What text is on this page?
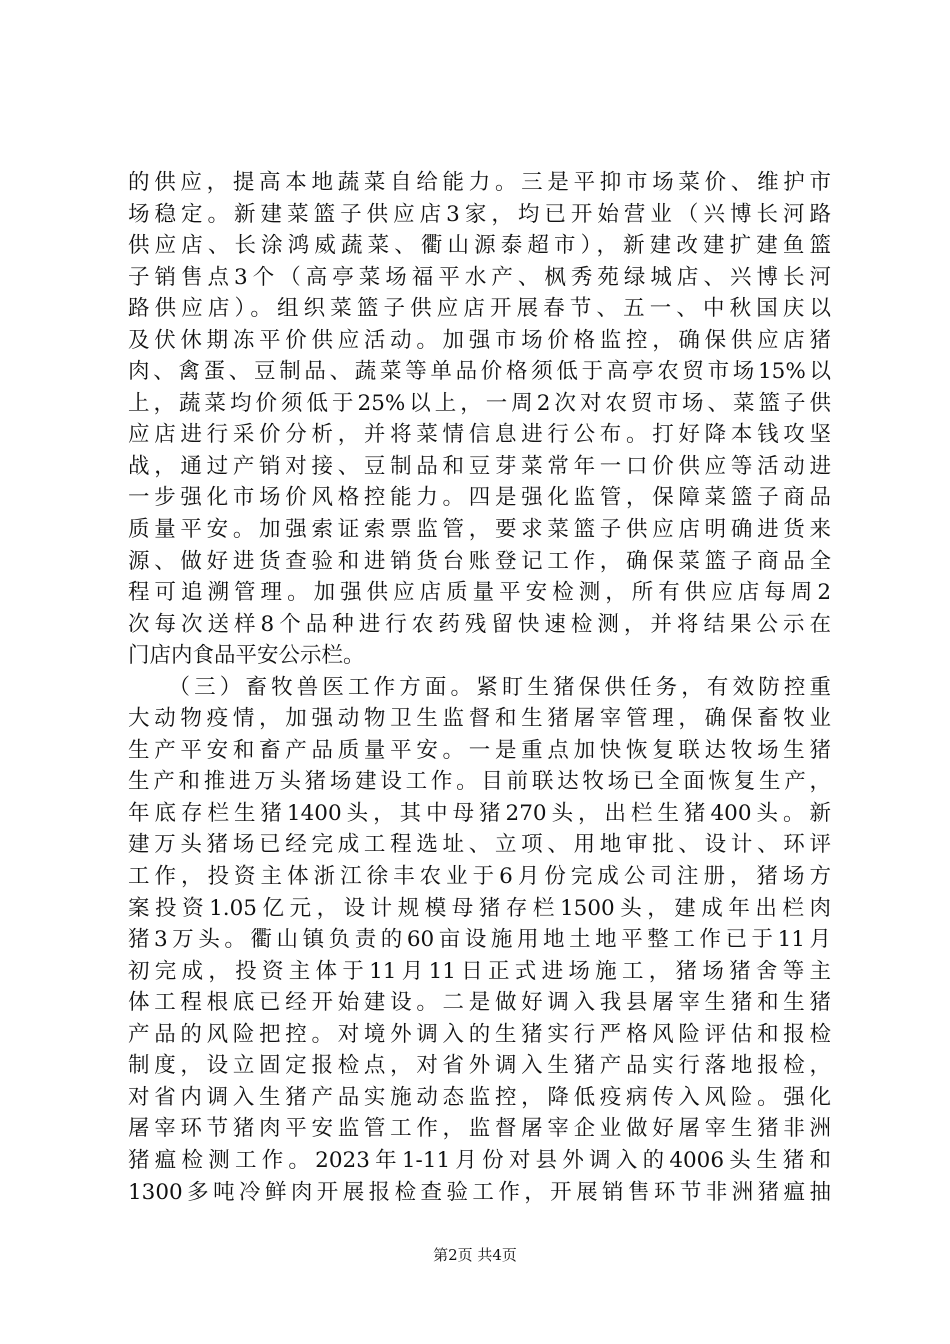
的供应，提高本地蔬菜自给能力。三是平抑市场菜价、维护市
场稳定。新建菜篮子供应店3家，均已开始营业（兴博长河路
供应店、长涂鸿威蔬菜、衢山源泰超市），新建改建扩建鱼篮
子销售点3个（高亭菜场福平水产、枫秀苑绿城店、兴博长河
路供应店）。组织菜篮子供应店开展春节、五一、中秋国庆以
及伏休期冻平价供应活动。加强市场价格监控，确保供应店猪
肉、禽蛋、豆制品、蔬菜等单品价格须低于高亭农贸市场15%以
上，蔬菜均价须低于25%以上，一周2次对农贸市场、菜篮子供
应店进行采价分析，并将菜情信息进行公布。打好降本钱攻坚
战，通过产销对接、豆制品和豆芽菜常年一口价供应等活动进
一步强化市场价风格控能力。四是强化监管，保障菜篮子商品
质量平安。加强索证索票监管，要求菜篮子供应店明确进货来
源、做好进货查验和进销货台账登记工作，确保菜篮子商品全
程可追溯管理。加强供应店质量平安检测，所有供应店每周2
次每次送样8个品种进行农药残留快速检测，并将结果公示在
门店内食品平安公示栏。
　　（三）畜牧兽医工作方面。紧盯生猪保供任务，有效防控重
大动物疫情，加强动物卫生监督和生猪屠宰管理，确保畜牧业
生产平安和畜产品质量平安。一是重点加快恢复联达牧场生猪
生产和推进万头猪场建设工作。目前联达牧场已全面恢复生产，
年底存栏生猪1400头，其中母猪270头，出栏生猪400头。新
建万头猪场已经完成工程选址、立项、用地审批、设计、环评
工作，投资主体浙江徐丰农业于6月份完成公司注册，猪场方
案投资1.05亿元，设计规模母猪存栏1500头，建成年出栏肉
猪3万头。衢山镇负责的60亩设施用地土地平整工作已于11月
初完成，投资主体于11月11日正式进场施工，猪场猪舍等主
体工程根底已经开始建设。二是做好调入我县屠宰生猪和生猪
产品的风险把控。对境外调入的生猪实行严格风险评估和报检
制度，设立固定报检点，对省外调入生猪产品实行落地报检，
对省内调入生猪产品实施动态监控，降低疫病传入风险。强化
屠宰环节猪肉平安监管工作，监督屠宰企业做好屠宰生猪非洲
猪瘟检测工作。2023年1-11月份对县外调入的4006头生猪和
1300多吨冷鲜肉开展报检查验工作，开展销售环节非洲猪瘟抽
第2页 共4页
